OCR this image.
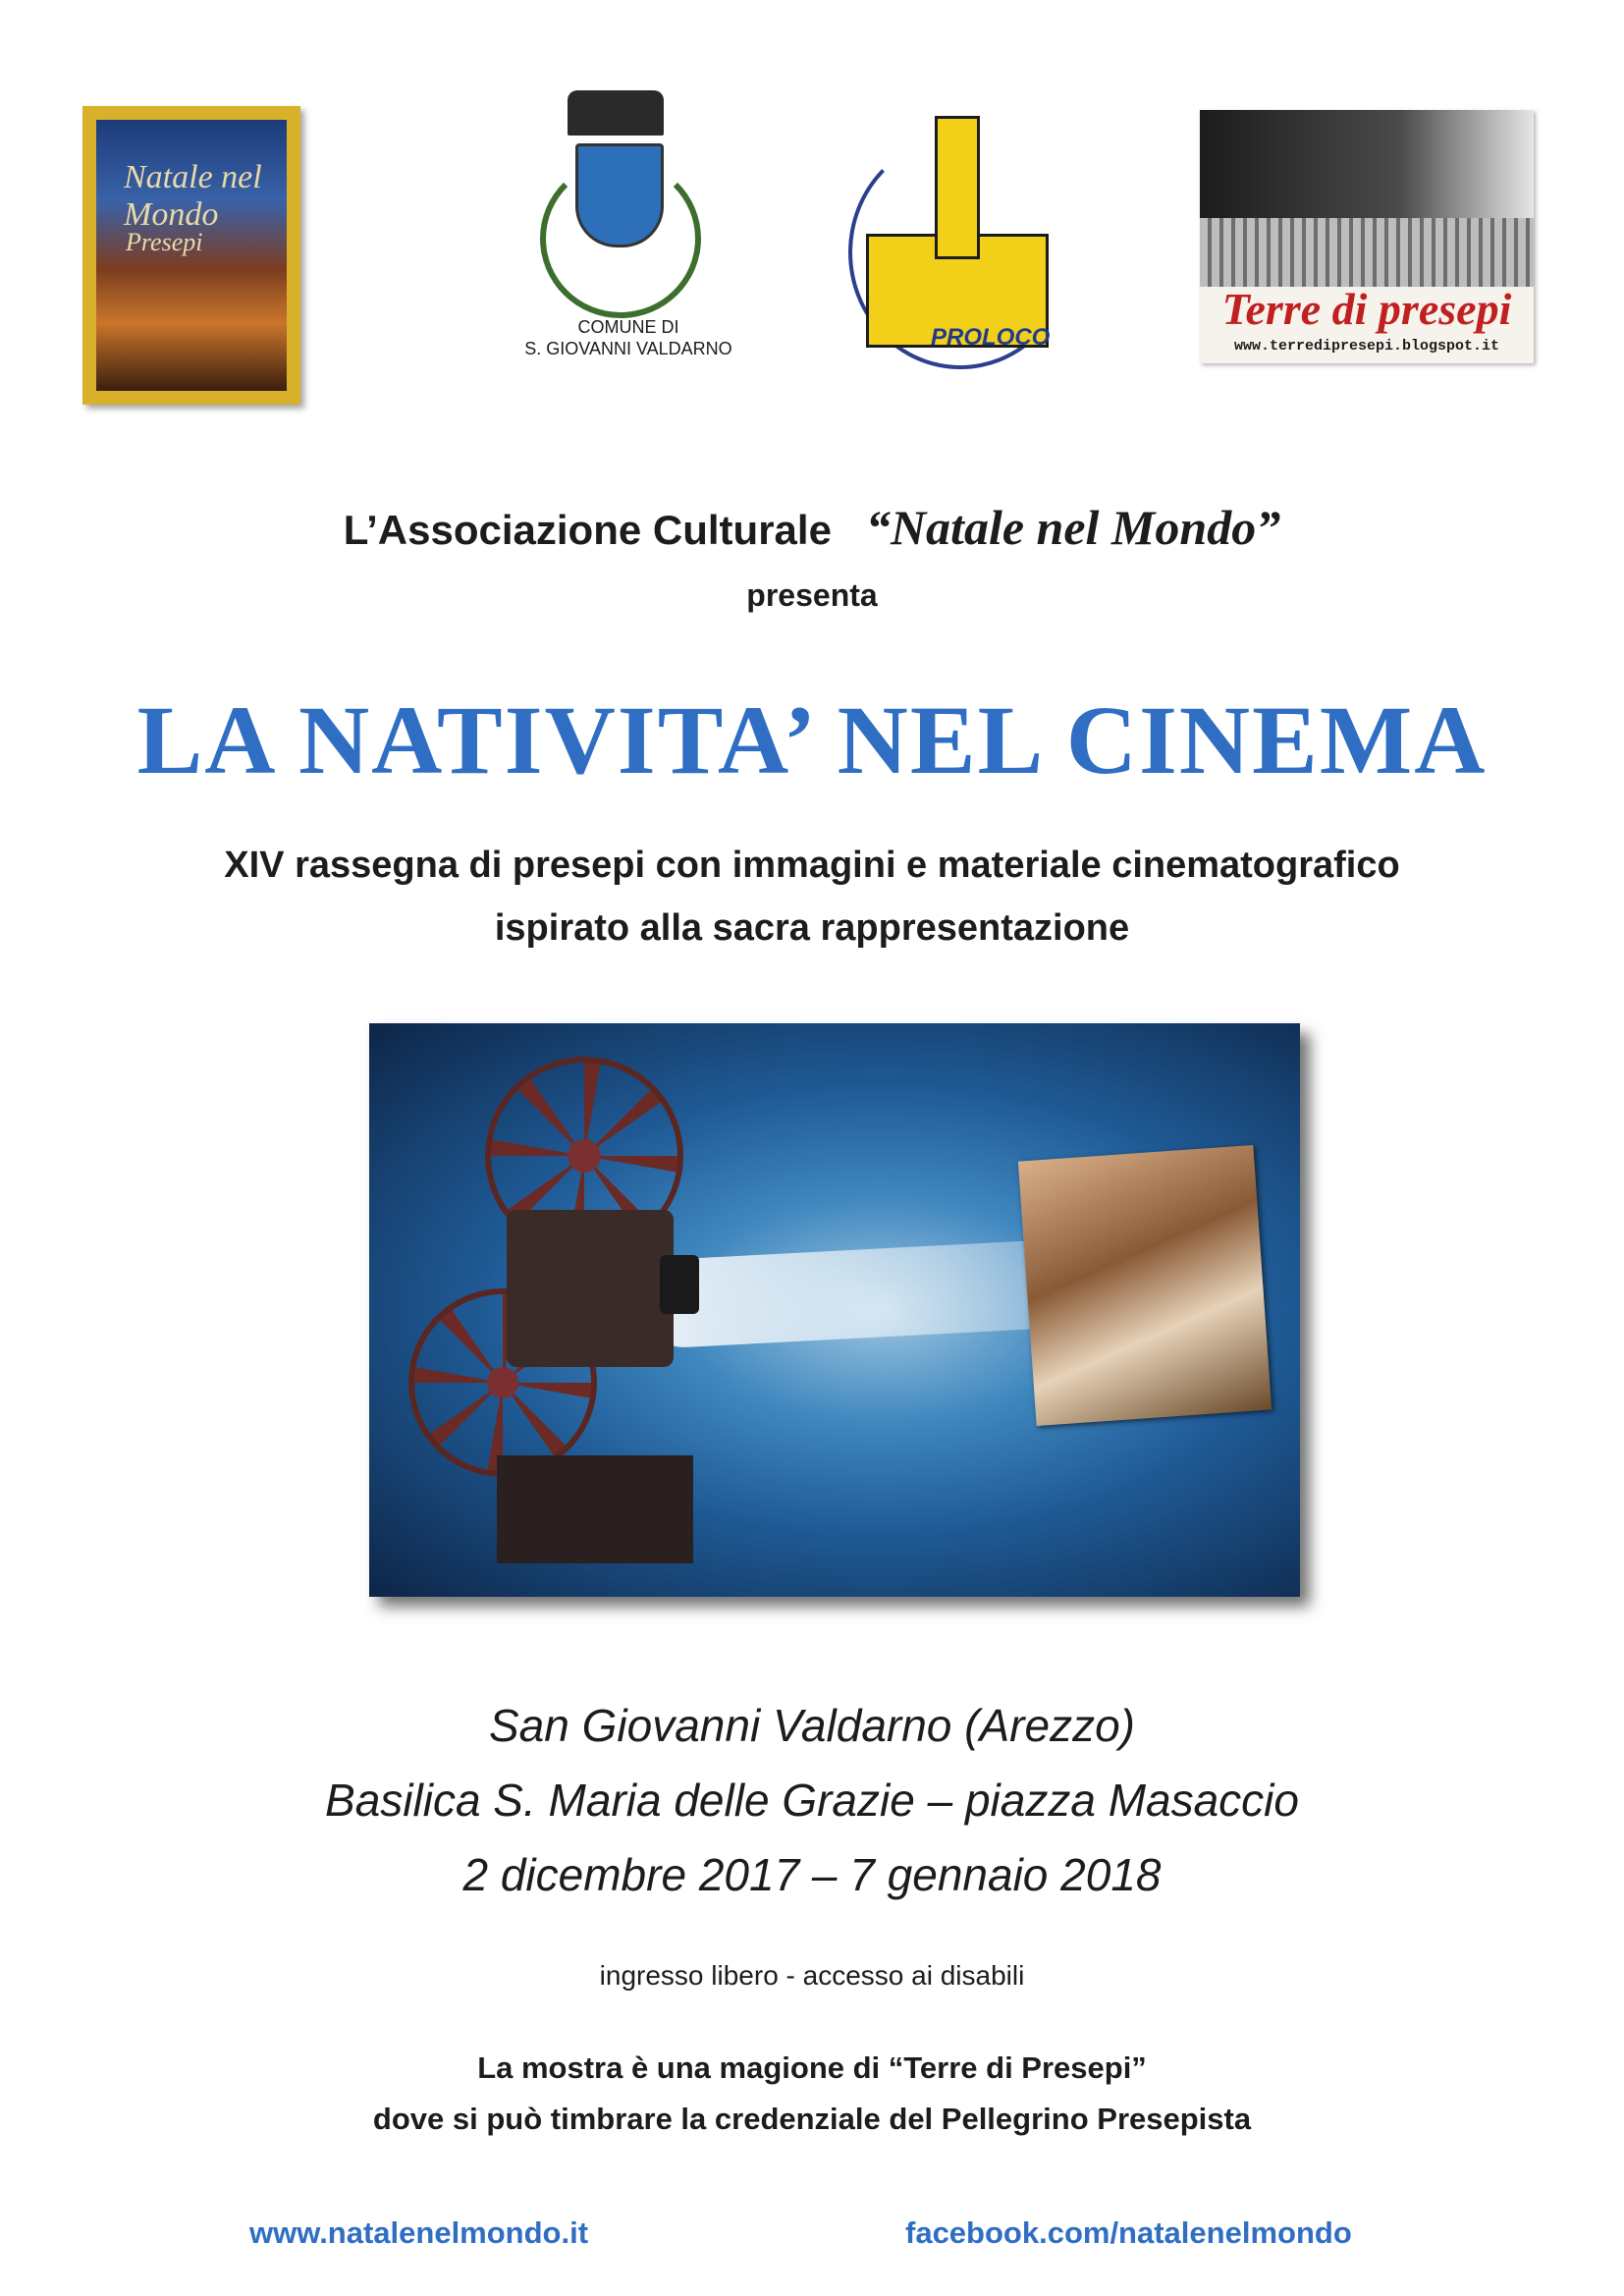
Natale nel Mondo
Presepi
COMUNE DI
S. GIOVANNI VALDARNO	PROLOCO
Terre di presepi
www.terredipresepi.blogspot.it
L’Associazione Culturale “Natale nel Mondo”
presenta
LA NATIVITA’ NEL CINEMA
XIV rassegna di presepi con immagini e materiale cinematografico
ispirato alla sacra rappresentazione
San Giovanni Valdarno (Arezzo)
Basilica S. Maria delle Grazie – piazza Masaccio
2 dicembre 2017 – 7 gennaio 2018
ingresso libero - accesso ai disabili
La mostra è una magione di “Terre di Presepi”
dove si può timbrare la credenziale del Pellegrino Presepista
www.natalenelmondo.it	facebook.com/natalenelmondo
